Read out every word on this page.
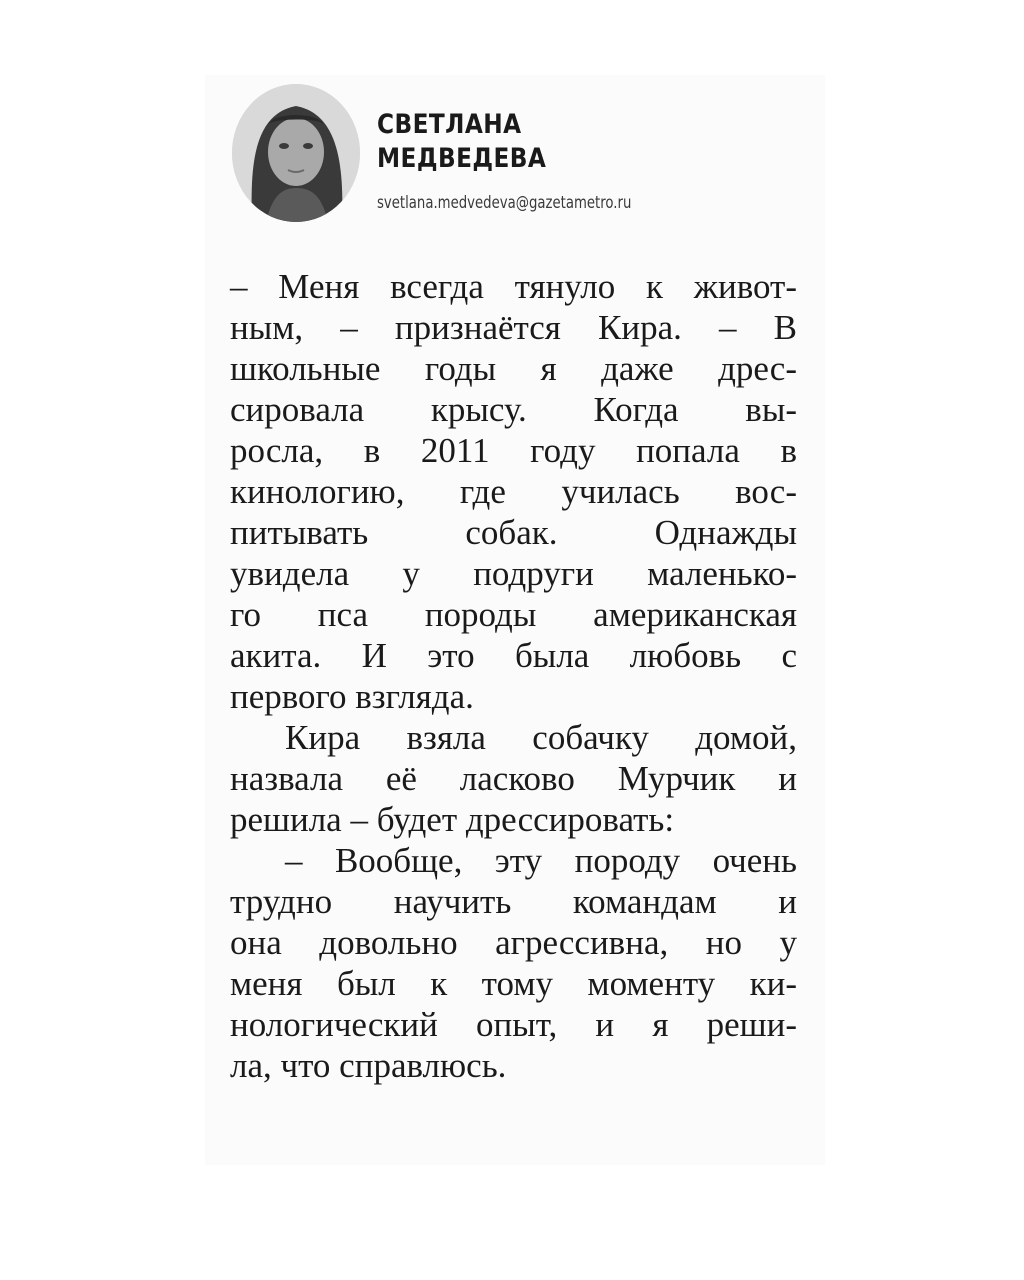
СВЕТЛАНА
МЕДВЕДЕВА
svetlana.medvedeva@gazetametro.ru
– Меня всегда тянуло к живот-
ным, – признаётся Кира. – В
школьные годы я даже дрес-
сировала крысу. Когда вы-
росла, в 2011 году попала в
кинологию, где училась вос-
питывать собак. Однажды
увидела у подруги маленько-
го пса породы американская
акита. И это была любовь с
первого взгляда.
Кира взяла собачку домой,
назвала её ласково Мурчик и
решила – будет дрессировать:
– Вообще, эту породу очень
трудно научить командам и
она довольно агрессивна, но у
меня был к тому моменту ки-
нологический опыт, и я реши-
ла, что справлюсь.
